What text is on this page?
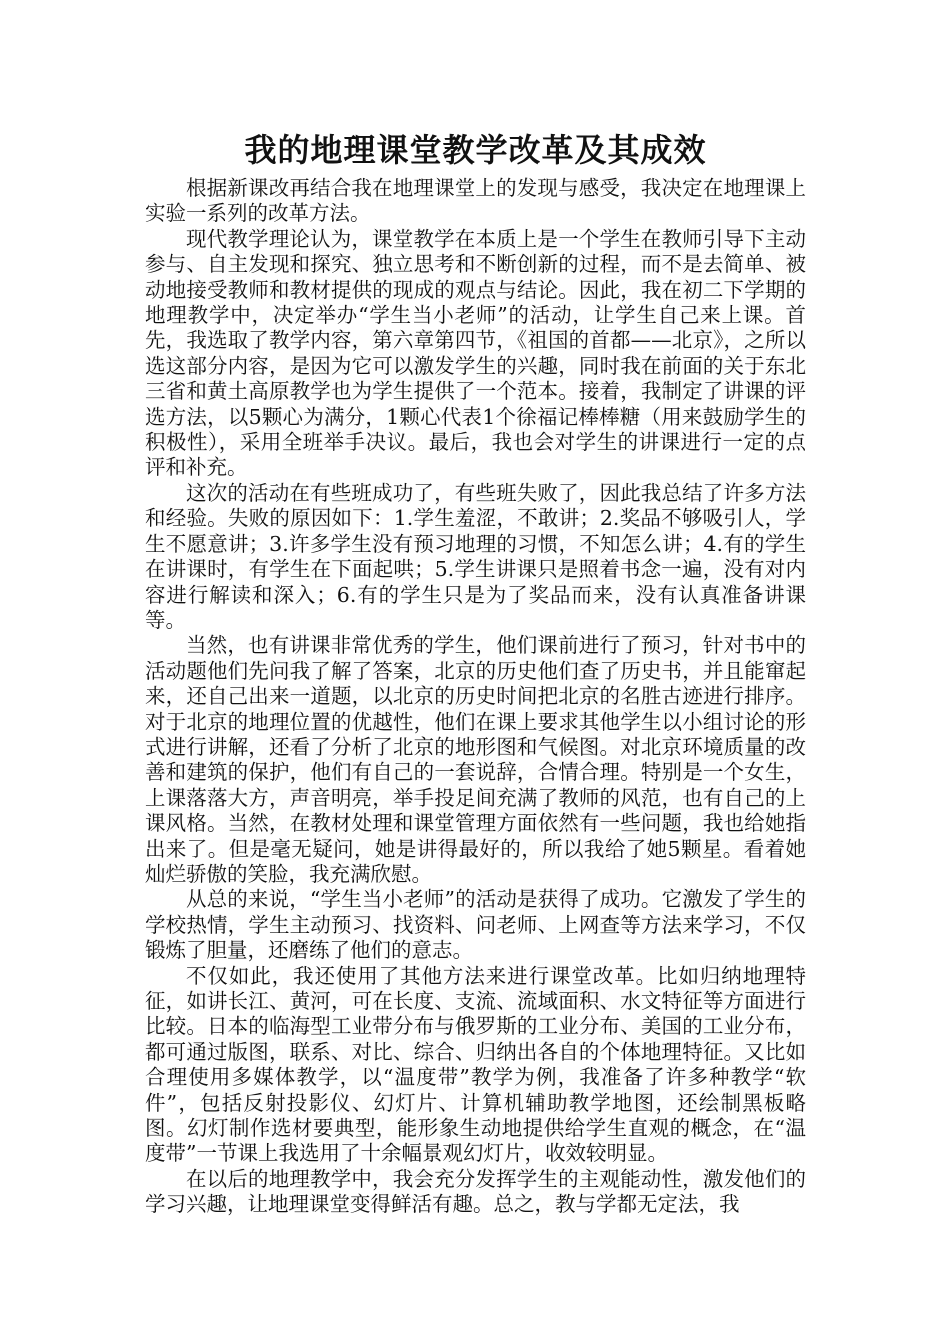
我的地理课堂教学改革及其成效

根据新课改再结合我在地理课堂上的发现与感受，我决定在地理课上实验一系列的改革方法。

现代教学理论认为，课堂教学在本质上是一个学生在教师引导下主动参与、自主发现和探究、独立思考和不断创新的过程，而不是去简单、被动地接受教师和教材提供的现成的观点与结论。因此，我在初二下学期的地理教学中，决定举办“学生当小老师”的活动，让学生自己来上课。首先，我选取了教学内容，第六章第四节，《祖国的首都——北京》，之所以选这部分内容，是因为它可以激发学生的兴趣，同时我在前面的关于东北三省和黄土高原教学也为学生提供了一个范本。接着，我制定了讲课的评选方法，以5颗心为满分，1颗心代表1个徐福记棒棒糖（用来鼓励学生的积极性），采用全班举手决议。最后，我也会对学生的讲课进行一定的点评和补充。

这次的活动在有些班成功了，有些班失败了，因此我总结了许多方法和经验。失败的原因如下：1.学生羞涩，不敢讲；2.奖品不够吸引人，学生不愿意讲；3.许多学生没有预习地理的习惯，不知怎么讲；4.有的学生在讲课时，有学生在下面起哄；5.学生讲课只是照着书念一遍，没有对内容进行解读和深入；6.有的学生只是为了奖品而来，没有认真准备讲课等。

当然，也有讲课非常优秀的学生，他们课前进行了预习，针对书中的活动题他们先问我了解了答案，北京的历史他们查了历史书，并且能窜起来，还自己出来一道题，以北京的历史时间把北京的名胜古迹进行排序。对于北京的地理位置的优越性，他们在课上要求其他学生以小组讨论的形式进行讲解，还看了分析了北京的地形图和气候图。对北京环境质量的改善和建筑的保护，他们有自己的一套说辞，合情合理。特别是一个女生，上课落落大方，声音明亮，举手投足间充满了教师的风范，也有自己的上课风格。当然，在教材处理和课堂管理方面依然有一些问题，我也给她指出来了。但是毫无疑问，她是讲得最好的，所以我给了她5颗星。看着她灿烂骄傲的笑脸，我充满欣慰。

从总的来说，“学生当小老师”的活动是获得了成功。它激发了学生的学校热情，学生主动预习、找资料、问老师、上网查等方法来学习，不仅锻炼了胆量，还磨练了他们的意志。

不仅如此，我还使用了其他方法来进行课堂改革。比如归纳地理特征，如讲长江、黄河，可在长度、支流、流域面积、水文特征等方面进行比较。日本的临海型工业带分布与俄罗斯的工业分布、美国的工业分布，都可通过版图，联系、对比、综合、归纳出各自的个体地理特征。又比如合理使用多媒体教学，以“温度带”教学为例，我准备了许多种教学“软件”，包括反射投影仪、幻灯片、计算机辅助教学地图，还绘制黑板略图。幻灯制作选材要典型，能形象生动地提供给学生直观的概念，在“温度带”一节课上我选用了十余幅景观幻灯片，收效较明显。

在以后的地理教学中，我会充分发挥学生的主观能动性，激发他们的学习兴趣，让地理课堂变得鲜活有趣。总之，教与学都无定法，我
